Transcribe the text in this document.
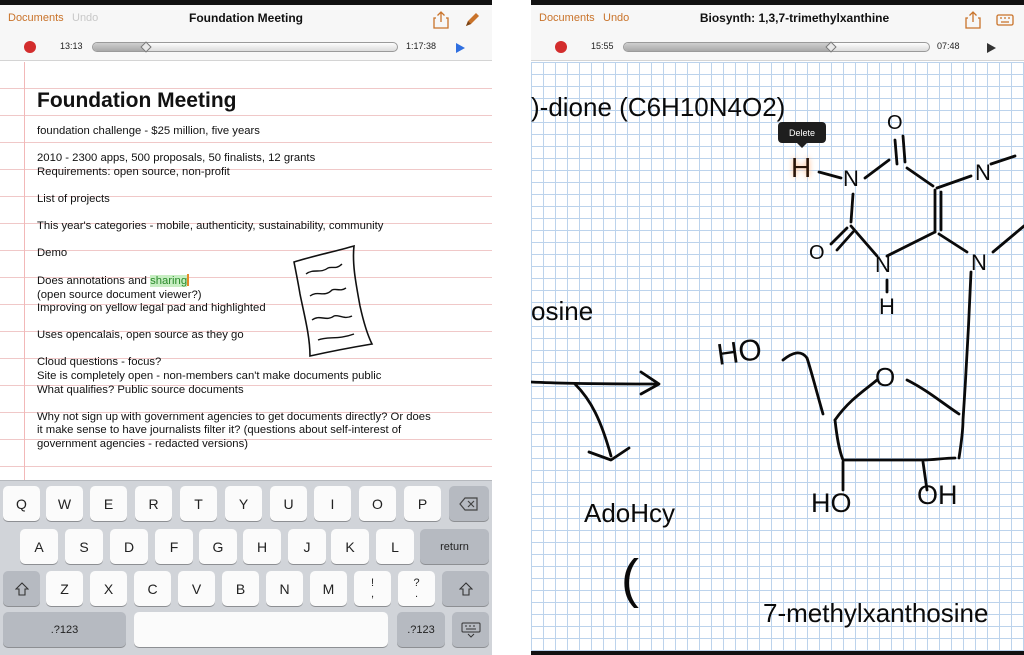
Documents Undo	Foundation Meeting
13:13	1:17:38
Foundation Meeting
foundation challenge - $25 million, five years
2010 - 2300 apps, 500 proposals, 50 finalists, 12 grants
Requirements: open source, non-profit
List of projects
This year's categories - mobile, authenticity, sustainability, community
Demo
Does annotations and sharing
(open source document viewer?)
Improving on yellow legal pad and highlighted
Uses opencalais, open source as they go
Cloud questions - focus?
Site is completely open - non-members can't make documents public
What qualifies? Public source documents
Why not sign up with government agencies to get documents directly? Or does
it make sense to have journalists filter it? (questions about self-interest of
government agencies - redacted versions)
Q	W	E	R	T	Y	U	I	O	P
A	S	D	F	G	H	J	K	L	return
Z	X	C	V	B	N	M	!
,
?
.
.?123	.?123
Documents Undo	Biosynth: 1,3,7-trimethylxanthine
15:55	07:48
)-dione (C6H10N4O2)
osine
AdoHcy
7-methylxanthosine
HO
O
HO OH
H N
O
O N
H
N
N
(
Delete
